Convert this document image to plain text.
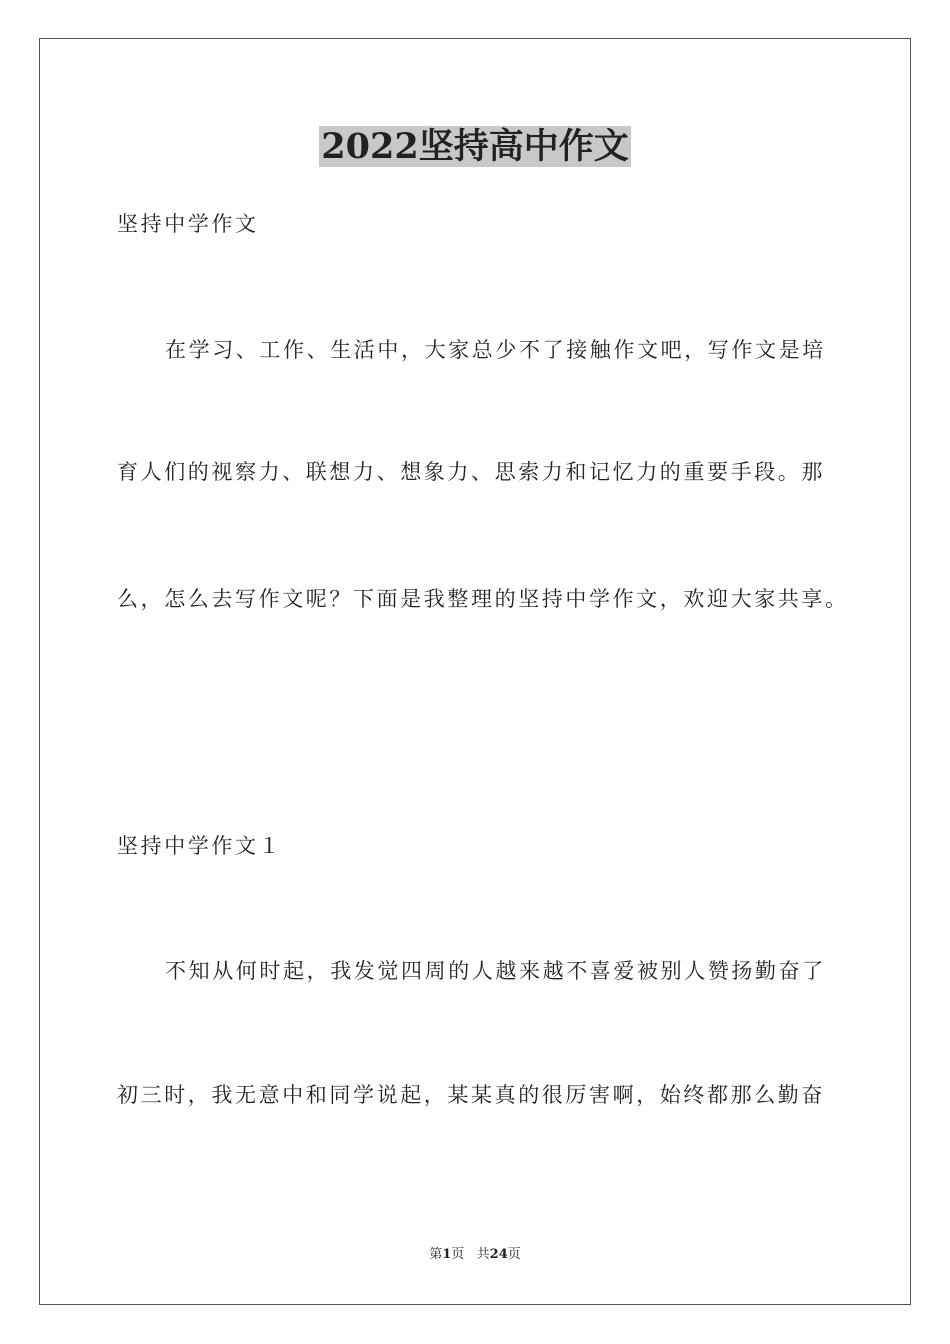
2022坚持高中作文
坚持中学作文
在学习、工作、生活中，大家总少不了接触作文吧，写作文是培
育人们的视察力、联想力、想象力、思索力和记忆力的重要手段。那
么，怎么去写作文呢？下面是我整理的坚持中学作文，欢迎大家共享。
坚持中学作文１
不知从何时起，我发觉四周的人越来越不喜爱被别人赞扬勤奋了
初三时，我无意中和同学说起，某某真的很厉害啊，始终都那么勤奋
第1页   共24页
